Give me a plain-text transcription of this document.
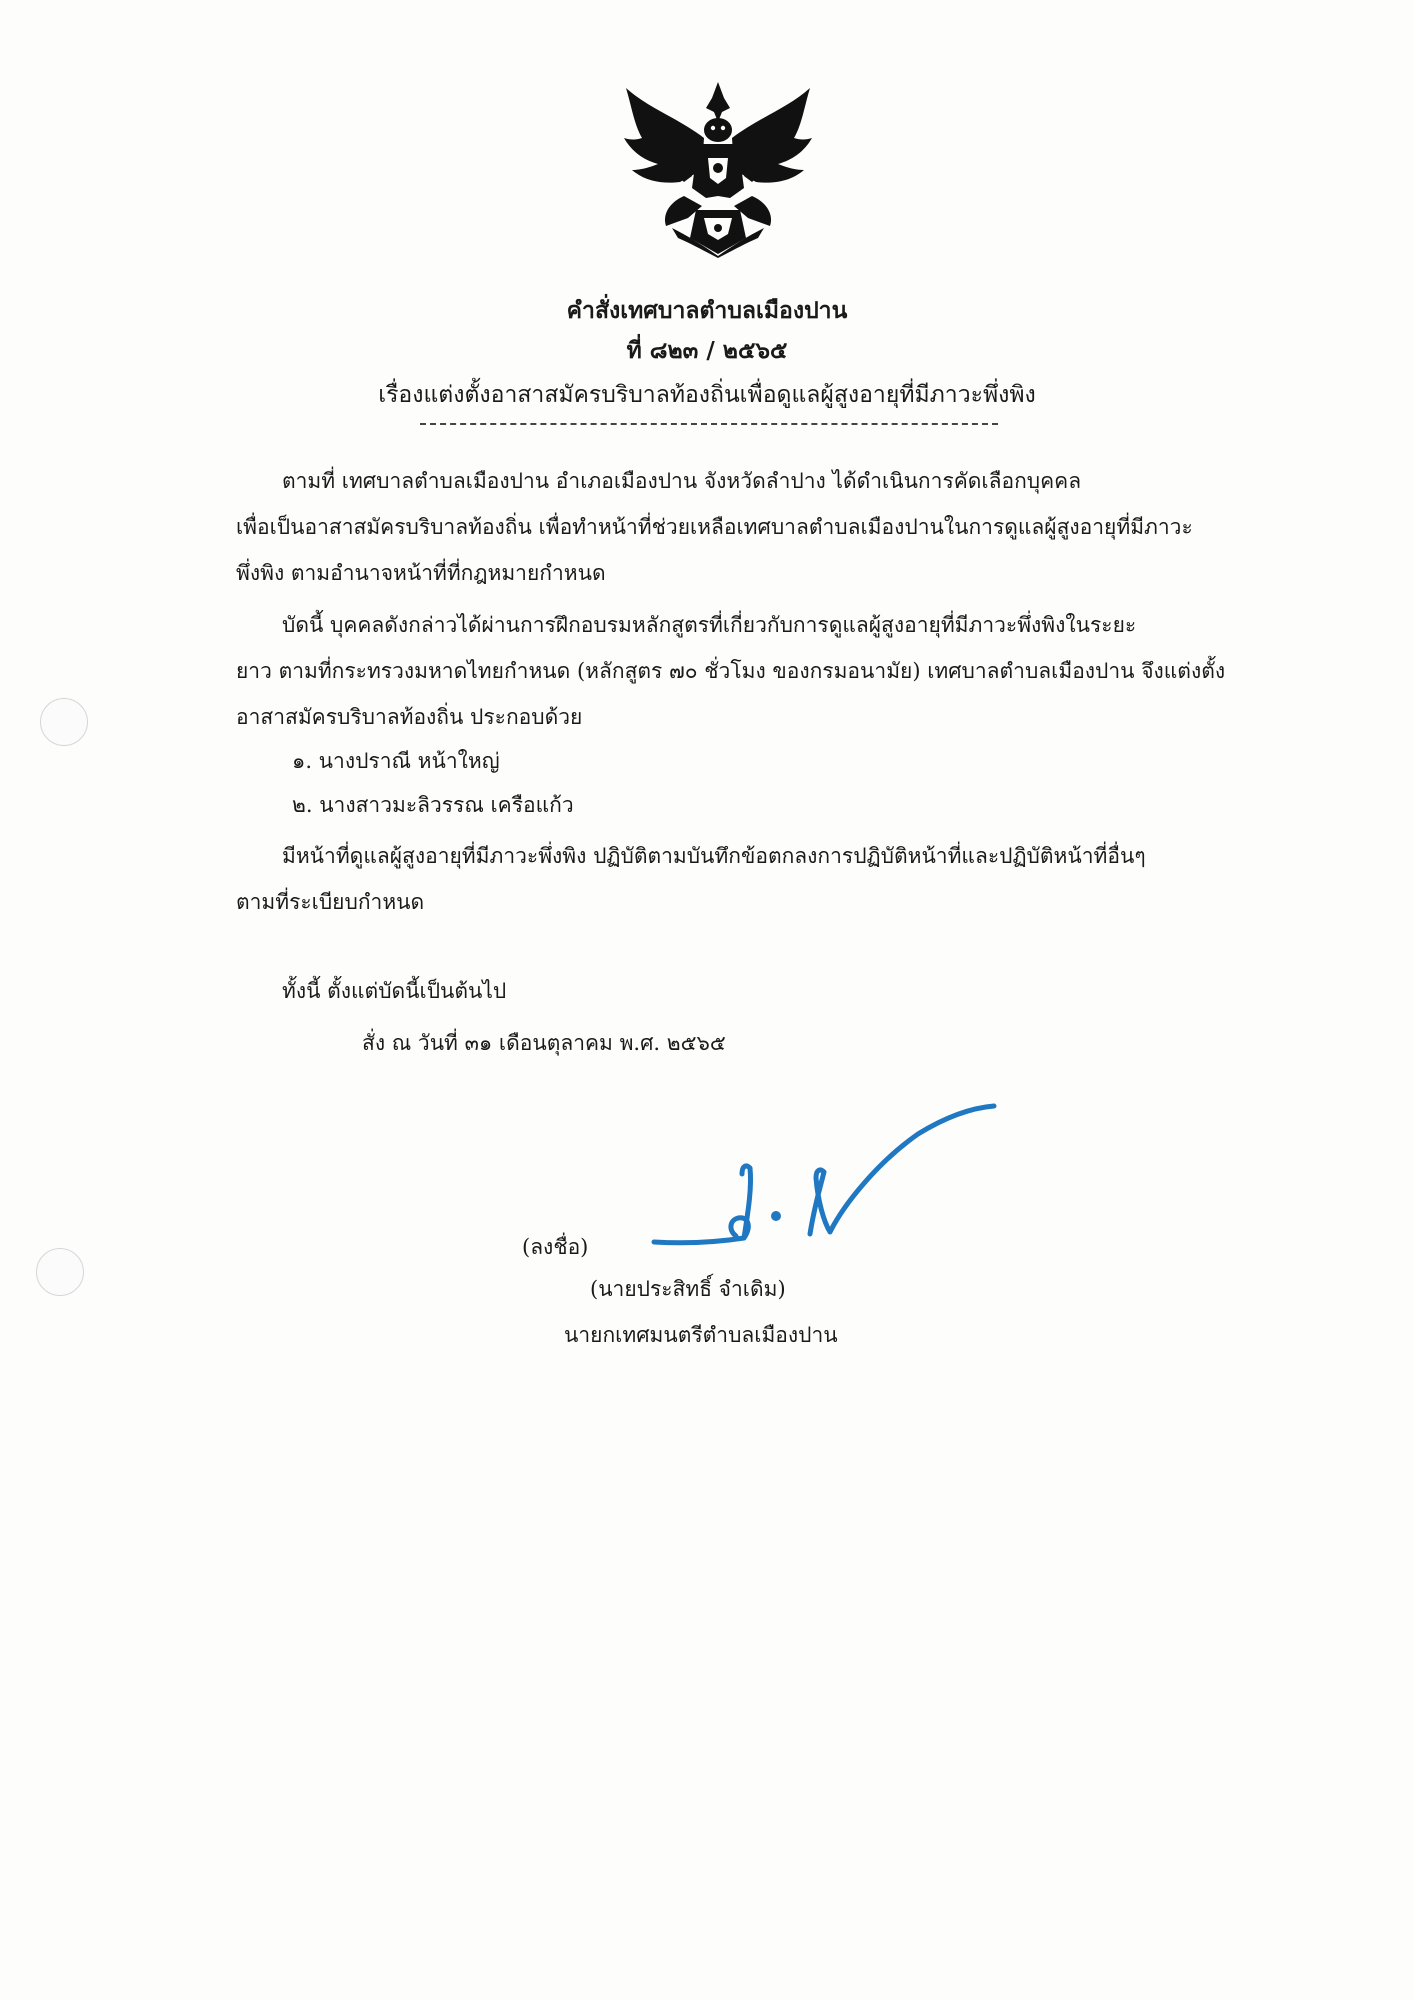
คำสั่งเทศบาลตำบลเมืองปาน
ที่ ๘๒๓ / ๒๕๖๕
เรื่องแต่งตั้งอาสาสมัครบริบาลท้องถิ่นเพื่อดูแลผู้สูงอายุที่มีภาวะพึ่งพิง
ตามที่ เทศบาลตำบลเมืองปาน อำเภอเมืองปาน จังหวัดลำปาง ได้ดำเนินการคัดเลือกบุคคล
เพื่อเป็นอาสาสมัครบริบาลท้องถิ่น เพื่อทำหน้าที่ช่วยเหลือเทศบาลตำบลเมืองปานในการดูแลผู้สูงอายุที่มีภาวะ
พึ่งพิง ตามอำนาจหน้าที่ที่กฎหมายกำหนด
บัดนี้ บุคคลดังกล่าวได้ผ่านการฝึกอบรมหลักสูตรที่เกี่ยวกับการดูแลผู้สูงอายุที่มีภาวะพึ่งพิงในระยะ
ยาว ตามที่กระทรวงมหาดไทยกำหนด (หลักสูตร ๗๐ ชั่วโมง ของกรมอนามัย) เทศบาลตำบลเมืองปาน จึงแต่งตั้ง
อาสาสมัครบริบาลท้องถิ่น ประกอบด้วย
๑. นางปราณี หน้าใหญ่
๒. นางสาวมะลิวรรณ เครือแก้ว
มีหน้าที่ดูแลผู้สูงอายุที่มีภาวะพึ่งพิง ปฏิบัติตามบันทึกข้อตกลงการปฏิบัติหน้าที่และปฏิบัติหน้าที่อื่นๆ
ตามที่ระเบียบกำหนด
ทั้งนี้ ตั้งแต่บัดนี้เป็นต้นไป
สั่ง ณ วันที่ ๓๑ เดือนตุลาคม พ.ศ. ๒๕๖๕
(ลงชื่อ)
(นายประสิทธิ์ จำเดิม)
นายกเทศมนตรีตำบลเมืองปาน
